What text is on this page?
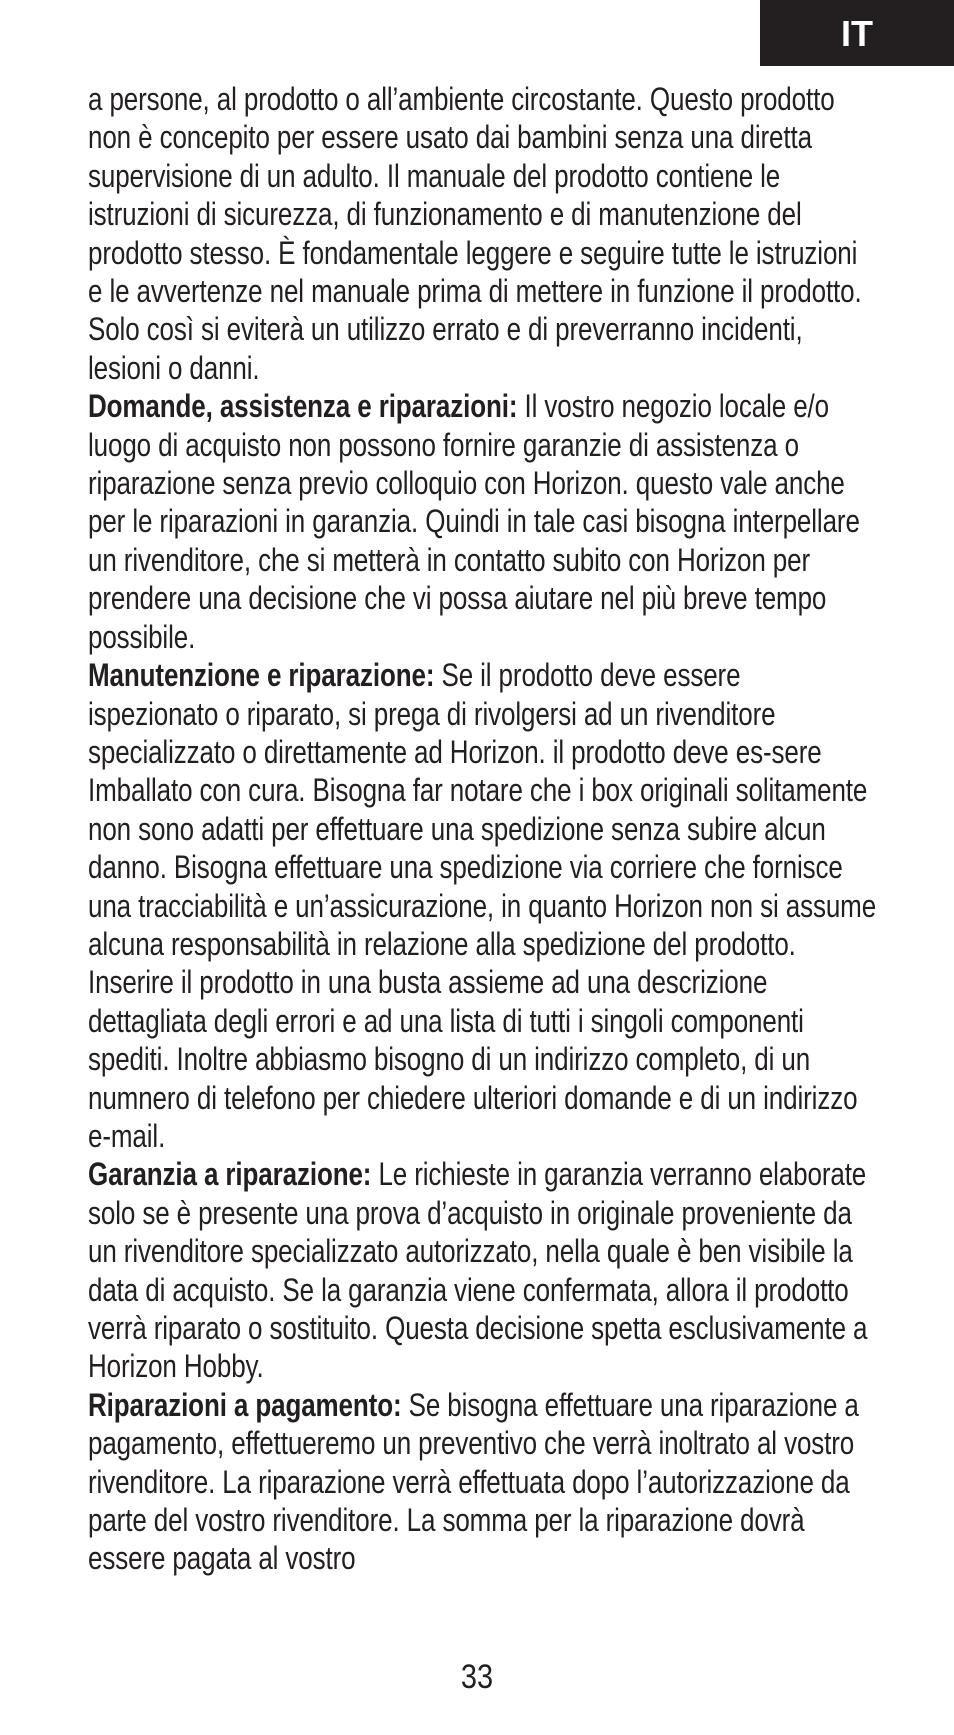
IT

a persone, al prodotto o all’ambiente circostante. Questo prodotto non è concepito per essere usato dai bambini senza una diretta supervisione di un adulto. Il manuale del prodotto contiene le istruzioni di sicurezza, di funzionamento e di manutenzione del prodotto stesso. È fondamentale leggere e seguire tutte le istruzioni e le avvertenze nel manuale prima di mettere in funzione il prodotto. Solo così si eviterà un utilizzo errato e di preverranno incidenti, lesioni o danni.

Domande, assistenza e riparazioni: Il vostro negozio locale e/o luogo di acquisto non possono fornire garanzie di assistenza o riparazione senza previo colloquio con Horizon. questo vale anche per le riparazioni in garanzia. Quindi in tale casi bisogna interpellare un rivenditore, che si metterà in contatto subito con Horizon per prendere una decisione che vi possa aiutare nel più breve tempo possibile.

Manutenzione e riparazione: Se il prodotto deve essere ispezionato o riparato, si prega di rivolgersi ad un rivenditore specializzato o direttamente ad Horizon. il prodotto deve es-sere Imballato con cura. Bisogna far notare che i box originali solitamente non sono adatti per effettuare una spedizione senza subire alcun danno. Bisogna effettuare una spedizione via corriere che fornisce una tracciabilità e un’assicurazione, in quanto Horizon non si assume alcuna responsabilità in relazione alla spedizione del prodotto. Inserire il prodotto in una busta assieme ad una descrizione dettagliata degli errori e ad una lista di tutti i singoli componenti spediti. Inoltre abbiasmo bisogno di un indirizzo completo, di un numnero di telefono per chiedere ulteriori domande e di un indirizzo e-mail.

Garanzia a riparazione: Le richieste in garanzia verranno elaborate solo se è presente una prova d’acquisto in originale proveniente da un rivenditore specializzato autorizzato, nella quale è ben visibile la data di acquisto. Se la garanzia viene confermata, allora il prodotto verrà riparato o sostituito. Questa decisione spetta esclusivamente a Horizon Hobby.

Riparazioni a pagamento: Se bisogna effettuare una riparazione a pagamento, effettueremo un preventivo che verrà inoltrato al vostro rivenditore. La riparazione verrà effettuata dopo l’autorizzazione da parte del vostro rivenditore. La somma per la riparazione dovrà essere pagata al vostro

33
